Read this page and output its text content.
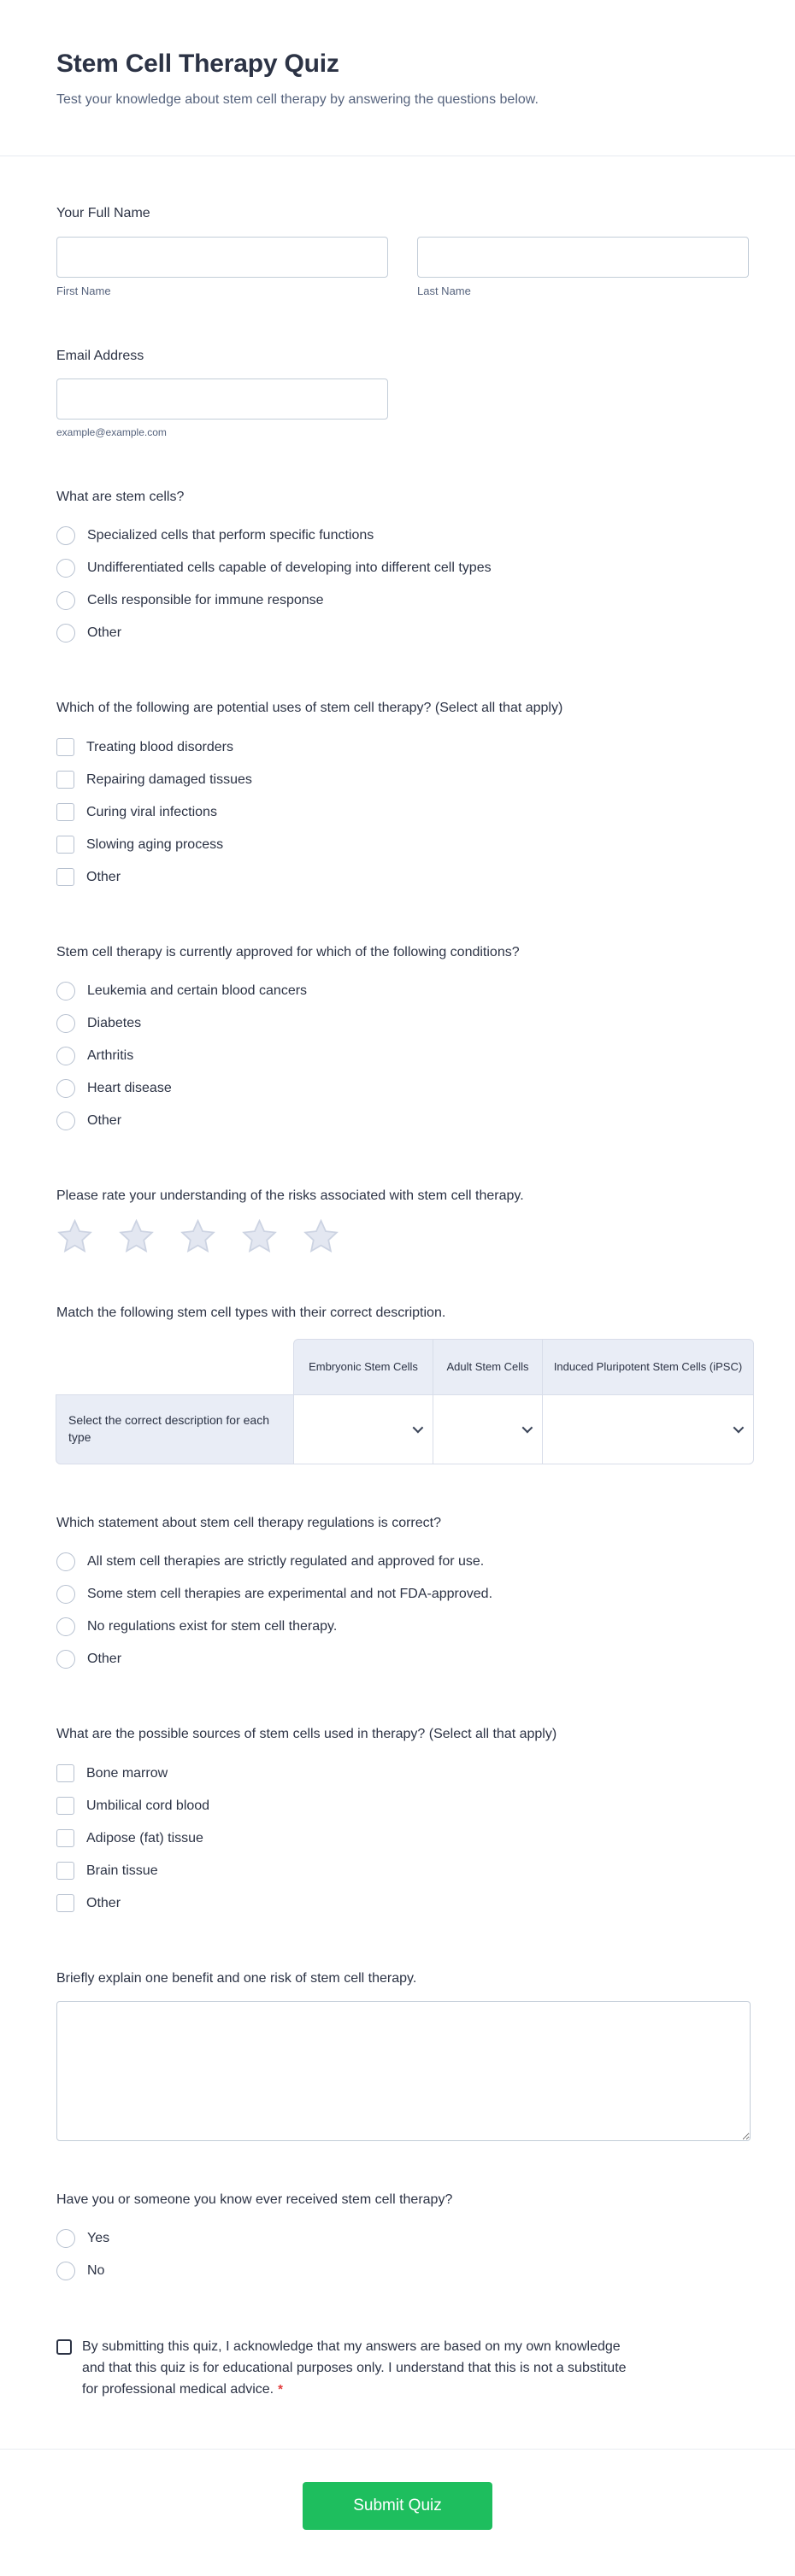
Stem Cell Therapy Quiz
Test your knowledge about stem cell therapy by answering the questions below.
Your Full Name
First Name	Last Name
Email Address
example@example.com
What are stem cells?
Specialized cells that perform specific functions
Undifferentiated cells capable of developing into different cell types
Cells responsible for immune response
Other
Which of the following are potential uses of stem cell therapy? (Select all that apply)
Treating blood disorders
Repairing damaged tissues
Curing viral infections
Slowing aging process
Other
Stem cell therapy is currently approved for which of the following conditions?
Leukemia and certain blood cancers
Diabetes
Arthritis
Heart disease
Other
Please rate your understanding of the risks associated with stem cell therapy.
Match the following stem cell types with their correct description.
Embryonic Stem Cells	Adult Stem Cells	Induced Pluripotent Stem Cells (iPSC)
Select the correct description for each type
Which statement about stem cell therapy regulations is correct?
All stem cell therapies are strictly regulated and approved for use.
Some stem cell therapies are experimental and not FDA-approved.
No regulations exist for stem cell therapy.
Other
What are the possible sources of stem cells used in therapy? (Select all that apply)
Bone marrow
Umbilical cord blood
Adipose (fat) tissue
Brain tissue
Other
Briefly explain one benefit and one risk of stem cell therapy.
Have you or someone you know ever received stem cell therapy?
Yes
No
By submitting this quiz, I acknowledge that my answers are based on my own knowledge and that this quiz is for educational purposes only. I understand that this is not a substitute for professional medical advice. *
Submit Quiz
